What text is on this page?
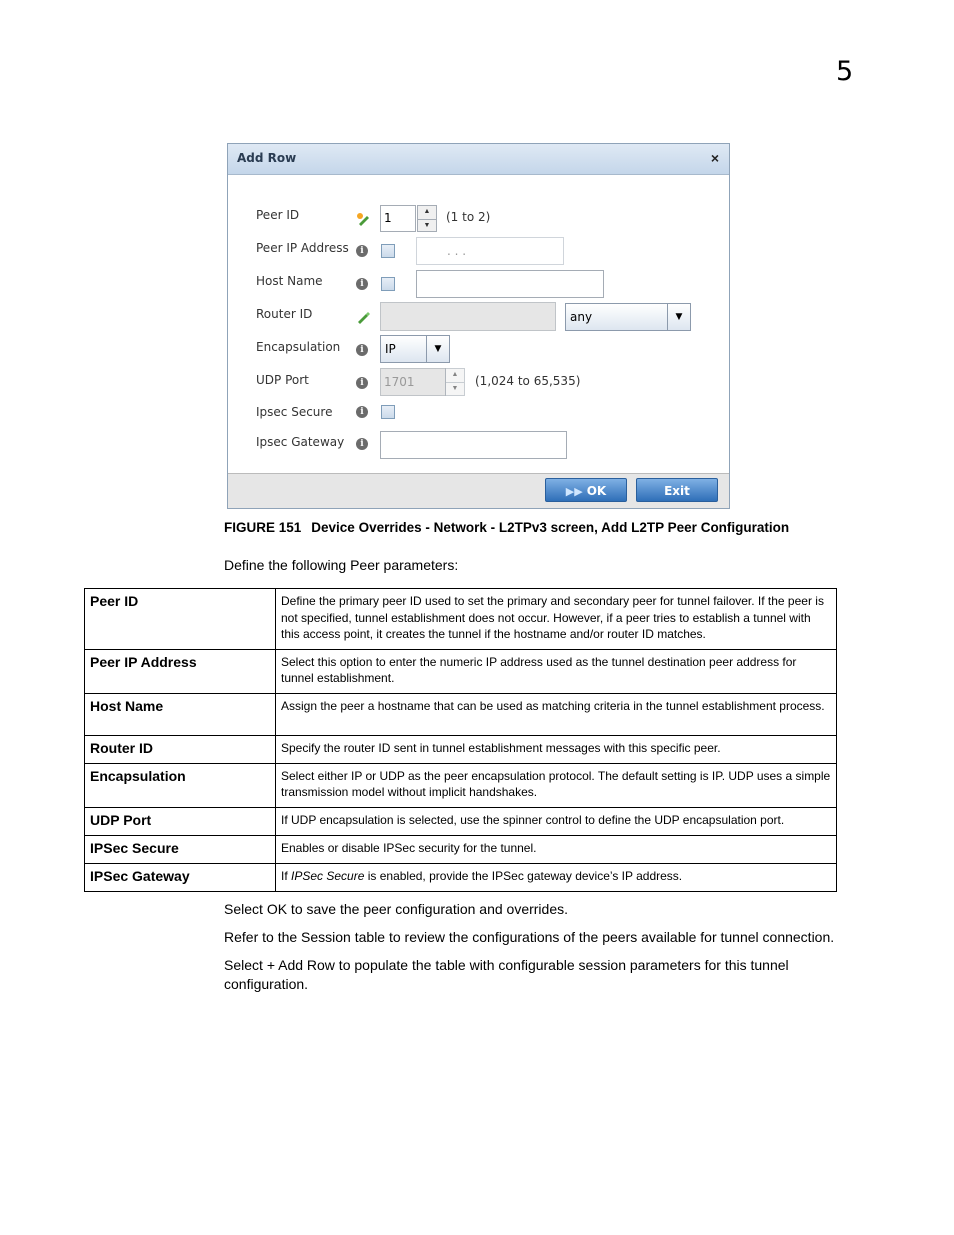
5
Add Row	×
Peer ID	1	▲
▼
(1 to 2)
Peer IP Address	i	. . .
Host Name	i
Router ID	any	▼
Encapsulation	i	IP	▼
UDP Port	i	1701
▲
▼
(1,024 to 65,535)
Ipsec Secure	i
Ipsec Gateway	i
▶▶ OK	Exit
FIGURE 151 Device Overrides - Network - L2TPv3 screen, Add L2TP Peer Configuration
Define the following Peer parameters:
Peer ID	Define the primary peer ID used to set the primary and secondary peer for tunnel failover. If the peer is not specified, tunnel establishment does not occur. However, if a peer tries to establish a tunnel with this access point, it creates the tunnel if the hostname and/or router ID matches.
Peer IP Address	Select this option to enter the numeric IP address used as the tunnel destination peer address for tunnel establishment.
Host Name	Assign the peer a hostname that can be used as matching criteria in the tunnel establishment process.
Router ID	Specify the router ID sent in tunnel establishment messages with this specific peer.
Encapsulation	Select either IP or UDP as the peer encapsulation protocol. The default setting is IP. UDP uses a simple transmission model without implicit handshakes.
UDP Port	If UDP encapsulation is selected, use the spinner control to define the UDP encapsulation port.
IPSec Secure	Enables or disable IPSec security for the tunnel.
IPSec Gateway	If IPSec Secure is enabled, provide the IPSec gateway device’s IP address.
Select OK to save the peer configuration and overrides.
Refer to the Session table to review the configurations of the peers available for tunnel connection.
Select + Add Row to populate the table with configurable session parameters for this tunnel configuration.
